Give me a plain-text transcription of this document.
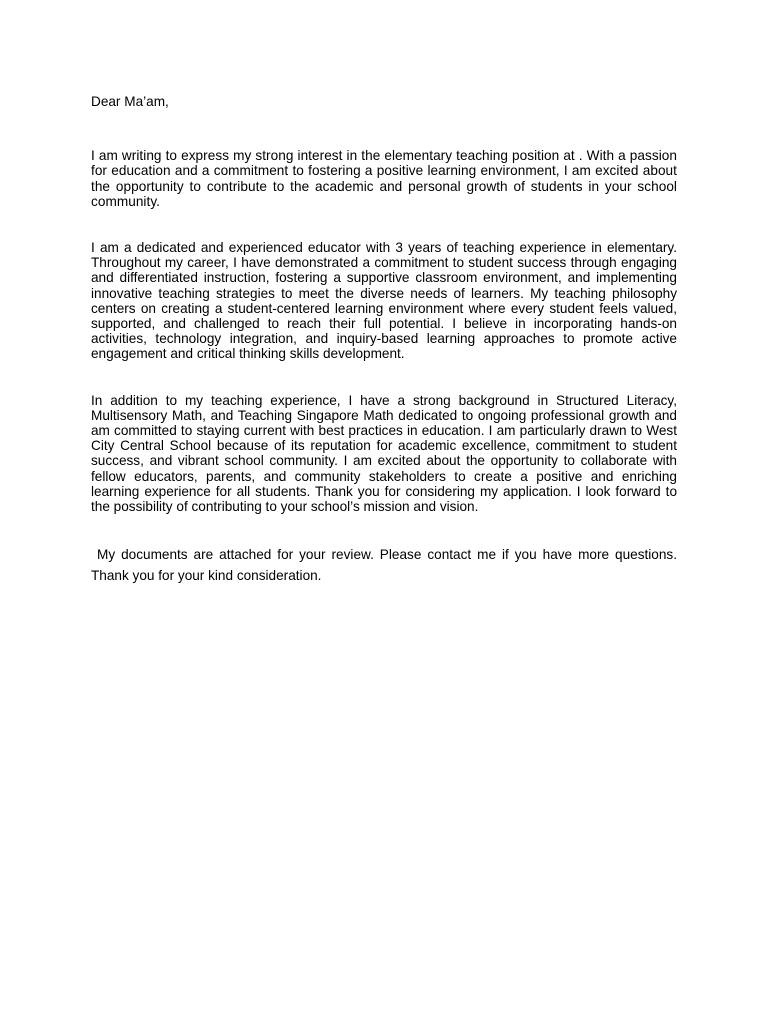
Dear Ma’am,

I am writing to express my strong interest in the elementary teaching position at . With a passion for education and a commitment to fostering a positive learning environment, I am excited about the opportunity to contribute to the academic and personal growth of students in your school community.

I am a dedicated and experienced educator with 3 years of teaching experience in elementary. Throughout my career, I have demonstrated a commitment to student success through engaging and differentiated instruction, fostering a supportive classroom environment, and implementing innovative teaching strategies to meet the diverse needs of learners. My teaching philosophy centers on creating a student-centered learning environment where every student feels valued, supported, and challenged to reach their full potential. I believe in incorporating hands-on activities, technology integration, and inquiry-based learning approaches to promote active engagement and critical thinking skills development.

In addition to my teaching experience, I have a strong background in Structured Literacy, Multisensory Math, and Teaching Singapore Math dedicated to ongoing professional growth and am committed to staying current with best practices in education. I am particularly drawn to West City Central School because of its reputation for academic excellence, commitment to student success, and vibrant school community. I am excited about the opportunity to collaborate with fellow educators, parents, and community stakeholders to create a positive and enriching learning experience for all students. Thank you for considering my application. I look forward to the possibility of contributing to your school’s mission and vision.

My documents are attached for your review. Please contact me if you have more questions. Thank you for your kind consideration.
